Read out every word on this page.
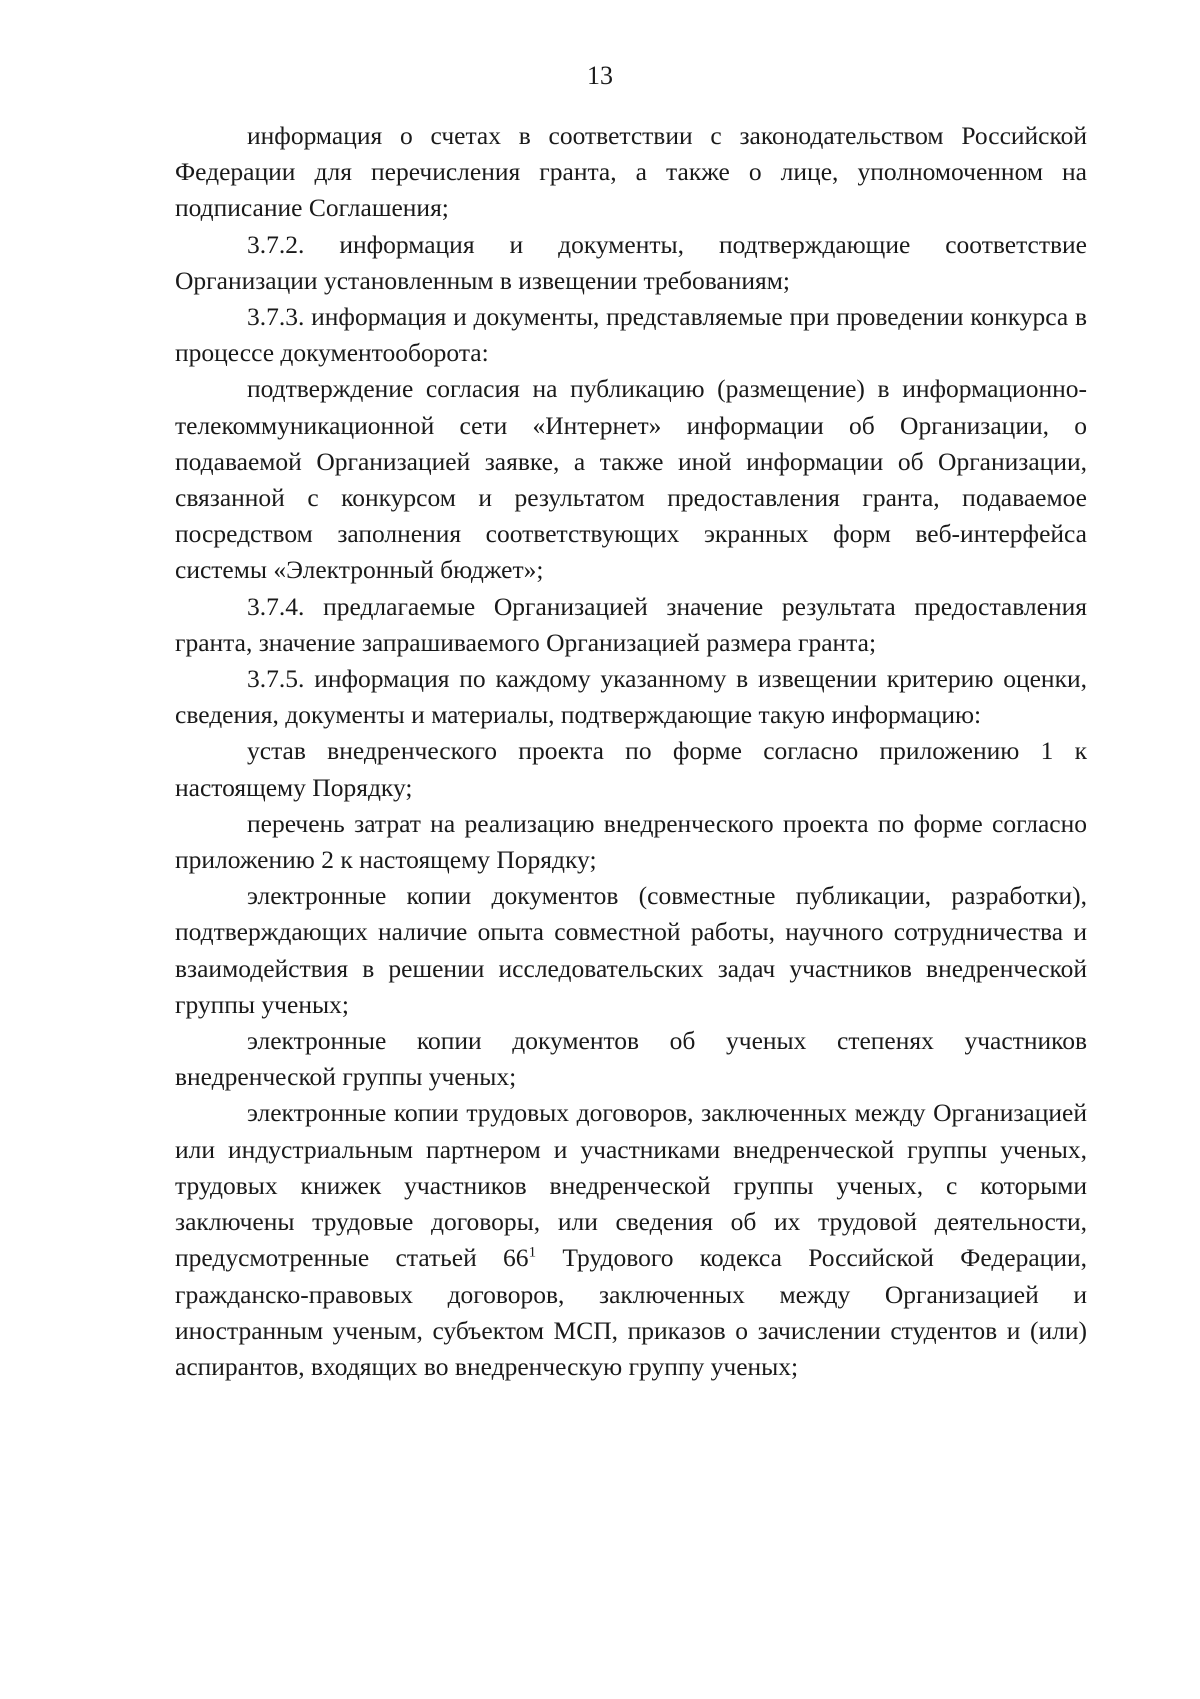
13

информация о счетах в соответствии с законодательством Российской Федерации для перечисления гранта, а также о лице, уполномоченном на подписание Соглашения;

3.7.2. информация и документы, подтверждающие соответствие Организации установленным в извещении требованиям;

3.7.3. информация и документы, представляемые при проведении конкурса в процессе документооборота:

подтверждение согласия на публикацию (размещение) в информационно-телекоммуникационной сети «Интернет» информации об Организации, о подаваемой Организацией заявке, а также иной информации об Организации, связанной с конкурсом и результатом предоставления гранта, подаваемое посредством заполнения соответствующих экранных форм веб-интерфейса системы «Электронный бюджет»;

3.7.4. предлагаемые Организацией значение результата предоставления гранта, значение запрашиваемого Организацией размера гранта;

3.7.5. информация по каждому указанному в извещении критерию оценки, сведения, документы и материалы, подтверждающие такую информацию:

устав внедренческого проекта по форме согласно приложению 1 к настоящему Порядку;

перечень затрат на реализацию внедренческого проекта по форме согласно приложению 2 к настоящему Порядку;

электронные копии документов (совместные публикации, разработки), подтверждающих наличие опыта совместной работы, научного сотрудничества и взаимодействия в решении исследовательских задач участников внедренческой группы ученых;

электронные копии документов об ученых степенях участников внедренческой группы ученых;

электронные копии трудовых договоров, заключенных между Организацией или индустриальным партнером и участниками внедренческой группы ученых, трудовых книжек участников внедренческой группы ученых, с которыми заключены трудовые договоры, или сведения об их трудовой деятельности, предусмотренные статьей $66^1$ Трудового кодекса Российской Федерации, гражданско-правовых договоров, заключенных между Организацией и иностранным ученым, субъектом МСП, приказов о зачислении студентов и (или) аспирантов, входящих во внедренческую группу ученых;
